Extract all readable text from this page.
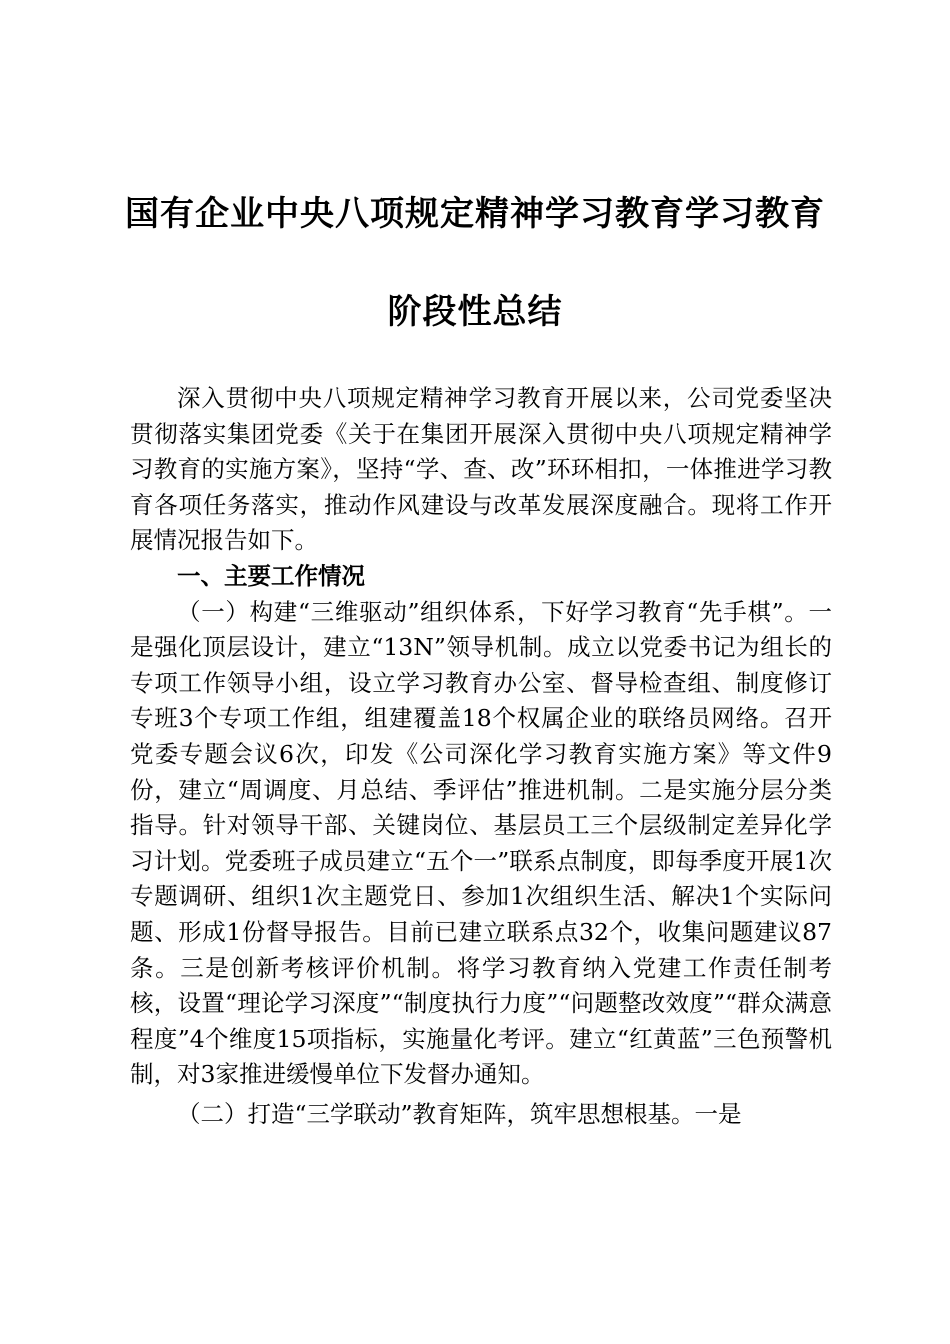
国有企业中央八项规定精神学习教育学习教育
阶段性总结

深入贯彻中央八项规定精神学习教育开展以来，公司党委坚决贯彻落实集团党委《关于在集团开展深入贯彻中央八项规定精神学习教育的实施方案》，坚持“学、查、改”环环相扣，一体推进学习教育各项任务落实，推动作风建设与改革发展深度融合。现将工作开展情况报告如下。

一、主要工作情况

（一）构建“三维驱动”组织体系，下好学习教育“先手棋”。一是强化顶层设计，建立“13N”领导机制。成立以党委书记为组长的专项工作领导小组，设立学习教育办公室、督导检查组、制度修订专班3个专项工作组，组建覆盖18个权属企业的联络员网络。召开党委专题会议6次，印发《公司深化学习教育实施方案》等文件9份，建立“周调度、月总结、季评估”推进机制。二是实施分层分类指导。针对领导干部、关键岗位、基层员工三个层级制定差异化学习计划。党委班子成员建立“五个一”联系点制度，即每季度开展1次专题调研、组织1次主题党日、参加1次组织生活、解决1个实际问题、形成1份督导报告。目前已建立联系点32个，收集问题建议87条。三是创新考核评价机制。将学习教育纳入党建工作责任制考核，设置“理论学习深度”“制度执行力度”“问题整改效度”“群众满意程度”4个维度15项指标，实施量化考评。建立“红黄蓝”三色预警机制，对3家推进缓慢单位下发督办通知。

（二）打造“三学联动”教育矩阵，筑牢思想根基。一是
